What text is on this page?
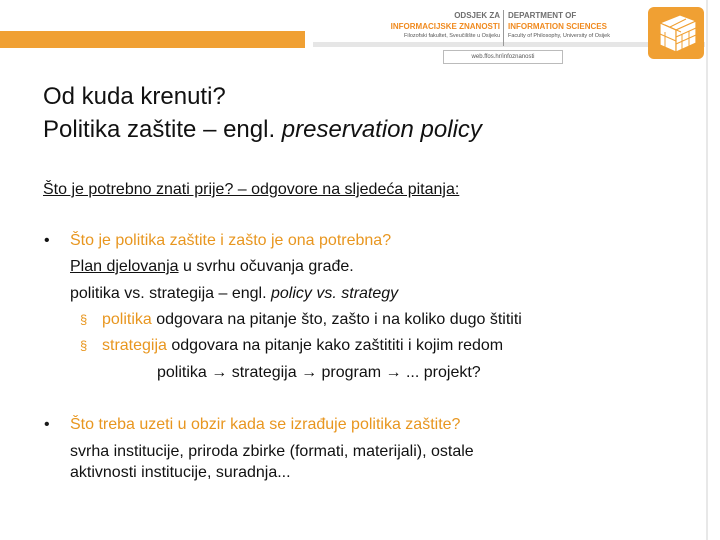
ODSJEK ZA
INFORMACIJSKE ZNANOSTI
Filozofski fakultet, Sveučilište u Osijeku
DEPARTMENT OF
INFORMATION SCIENCES
Faculty of Philosophy, University of Osijek
web.ffos.hr/infoznanosti
Od kuda krenuti?
Politika zaštite – engl. preservation policy
Što je potrebno znati prije? – odgovore na sljedeća pitanja:
• Što je politika zaštite i zašto je ona potrebna?
Plan djelovanja u svrhu očuvanja građe.
politika vs. strategija – engl. policy vs. strategy
§ politika odgovara na pitanje što, zašto i na koliko dugo štititi
§ strategija odgovara na pitanje kako zaštititi i kojim redom
politika → strategija → program → ... projekt?
• Što treba uzeti u obzir kada se izrađuje politika zaštite?
svrha institucije, priroda zbirke (formati, materijali), ostale
aktivnosti institucije, suradnja...
